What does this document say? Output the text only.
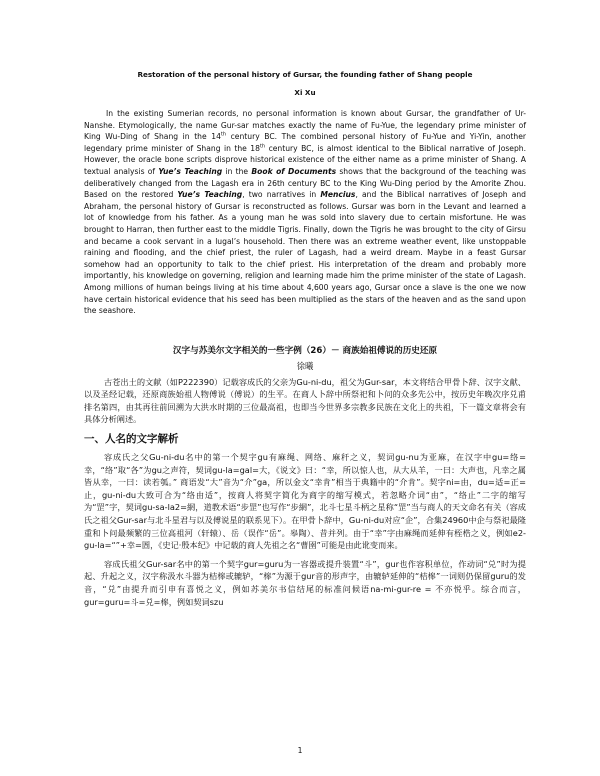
Restoration of the personal history of Gursar, the founding father of Shang people

Xi Xu

In the existing Sumerian records, no personal information is known about Gursar, the grandfather of Ur-Nanshe. Etymologically, the name Gur-sar matches exactly the name of Fu-Yue, the legendary prime minister of King Wu-Ding of Shang in the 14th century BC. The combined personal history of Fu-Yue and Yi-Yin, another legendary prime minister of Shang in the 18th century BC, is almost identical to the Biblical narrative of Joseph. However, the oracle bone scripts disprove historical existence of the either name as a prime minister of Shang. A textual analysis of Yue’s Teaching in the Book of Documents shows that the background of the teaching was deliberatively changed from the Lagash era in 26th century BC to the King Wu-Ding period by the Amorite Zhou. Based on the restored Yue’s Teaching, two narratives in Mencius, and the Biblical narratives of Joseph and Abraham, the personal history of Gursar is reconstructed as follows. Gursar was born in the Levant and learned a lot of knowledge from his father. As a young man he was sold into slavery due to certain misfortune. He was brought to Harran, then further east to the middle Tigris. Finally, down the Tigris he was brought to the city of Girsu and became a cook servant in a lugal’s household. Then there was an extreme weather event, like unstoppable raining and flooding, and the chief priest, the ruler of Lagash, had a weird dream. Maybe in a feast Gursar somehow had an opportunity to talk to the chief priest. His interpretation of the dream and probably more importantly, his knowledge on governing, religion and learning made him the prime minister of the state of Lagash. Among millions of human beings living at his time about 4,600 years ago, Gursar once a slave is the one we now have certain historical evidence that his seed has been multiplied as the stars of the heaven and as the sand upon the seashore.

汉字与苏美尔文字相关的一些字例（26）－ 商族始祖傅说的历史还原

徐曦

古苍出土的文献（如P222390）记载容成氏的父亲为Gu-ni-du，祖父为Gur-sar，本文将结合甲骨卜辞、汉字文献、以及圣经记载，还原商族始祖人物傅说（傅说）的生平。在商人卜辞中所祭祀和卜问的众多先公中，按历史年晚次序兑甫排名第四，由其再往前回溯为大洪水时期的三位最高祖，也即当今世界多宗教多民族在文化上的共祖，下一篇文章将会有具体分析阐述。

一、人名的文字解析

容成氏之父Gu-ni-du名中的第一个契字gu有麻绳、网络、麻秆之义，契词gu-nu为亚麻，在汉字中gu=络=幸，“络”取“各”为gu之声符，契词gu-la=gal=大，《说文》曰：“幸，所以惊人也，从大从羊，一曰：大声也，凡幸之属皆从幸，一曰：读若瓠。” 商语发“大”音为“介”ga，所以金文“幸肯”相当于典籍中的“介肯”。契字ni=由，du=适=正=止，gu-ni-du大致可合为“络由适”，按商人将契字简化为商字的缩写模式，若忽略介词“由”，“络止”二字的缩写为“罡”字，契词gu-sa-la2=網，道教术语“步罡”也写作“步網”，北斗七星斗柄之星称“罡”当与商人的天文命名有关（容成氏之祖父Gur-sar与北斗星君与以及傅说星的联系见下）。在甲骨卜辞中，Gu-ni-du对应“企”，合集24960中企与祭祀最隆重和卜问最频繁的三位高祖河（轩辕）、岳（误作“岳”。皋陶）、昔并列。由于“幸”字由麻绳而延伸有桎梏之义，例如e2-gu-la=“”+幸=圄，《史记·殷本纪》中记载的商人先祖之名“曹圉”可能是由此讹变而来。

容成氏祖父Gur-sar名中的第一个契字gur=guru为一容器或提升装置“斗”，gur也作容积单位，作动词“兑”时为提起、升起之义，汉字称汲水斗器为桔槔或辘轳，“槔”为源于gur音的形声字，由辘轳延伸的“桔槔”一词则仍保留guru的发音，“兑”由提升而引申有喜悦之义，例如苏美尔书信结尾的标准问候语na-mi-gur-re = 不亦悦乎。综合而言，gur=guru=斗=兑=槔，例如契词szu

1
